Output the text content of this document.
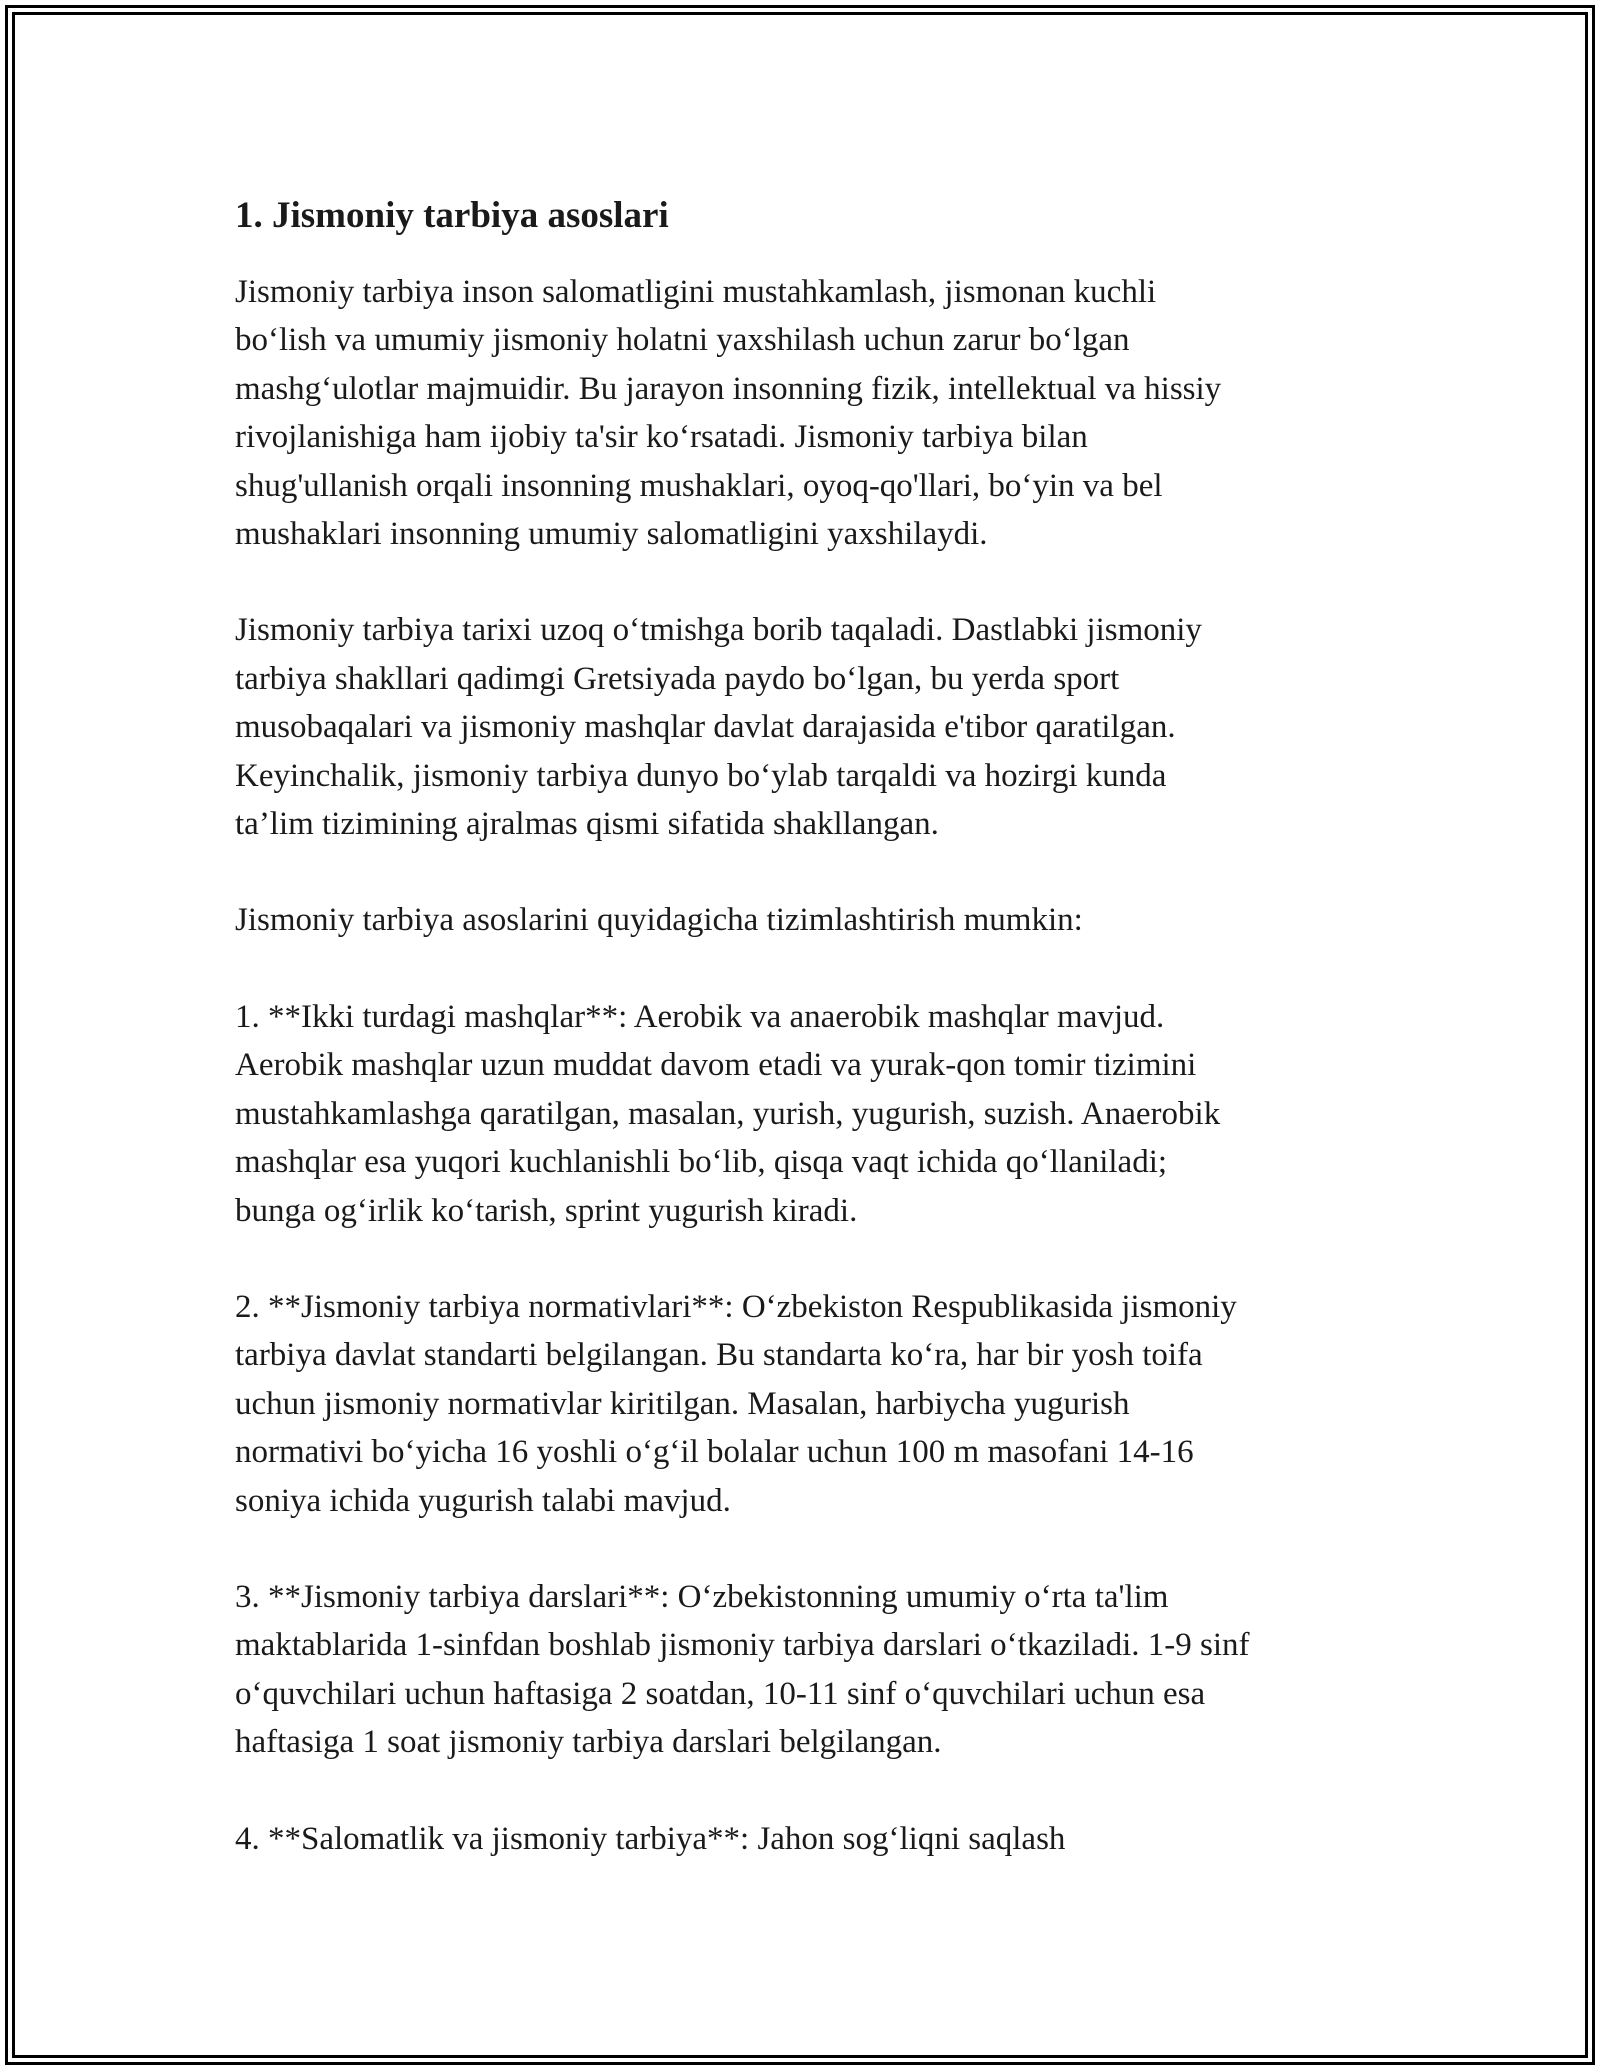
1. Jismoniy tarbiya asoslari

Jismoniy tarbiya inson salomatligini mustahkamlash, jismonan kuchli
bo‘lish va umumiy jismoniy holatni yaxshilash uchun zarur bo‘lgan
mashg‘ulotlar majmuidir. Bu jarayon insonning fizik, intellektual va hissiy
rivojlanishiga ham ijobiy ta'sir ko‘rsatadi. Jismoniy tarbiya bilan
shug'ullanish orqali insonning mushaklari, oyoq-qo'llari, bo‘yin va bel
mushaklari insonning umumiy salomatligini yaxshilaydi.

Jismoniy tarbiya tarixi uzoq o‘tmishga borib taqaladi. Dastlabki jismoniy
tarbiya shakllari qadimgi Gretsiyada paydo bo‘lgan, bu yerda sport
musobaqalari va jismoniy mashqlar davlat darajasida e'tibor qaratilgan.
Keyinchalik, jismoniy tarbiya dunyo bo‘ylab tarqaldi va hozirgi kunda
ta’lim tizimining ajralmas qismi sifatida shakllangan.

Jismoniy tarbiya asoslarini quyidagicha tizimlashtirish mumkin:

1. **Ikki turdagi mashqlar**: Aerobik va anaerobik mashqlar mavjud.
Aerobik mashqlar uzun muddat davom etadi va yurak-qon tomir tizimini
mustahkamlashga qaratilgan, masalan, yurish, yugurish, suzish. Anaerobik
mashqlar esa yuqori kuchlanishli bo‘lib, qisqa vaqt ichida qo‘llaniladi;
bunga og‘irlik ko‘tarish, sprint yugurish kiradi.

2. **Jismoniy tarbiya normativlari**: O‘zbekiston Respublikasida jismoniy
tarbiya davlat standarti belgilangan. Bu standarta ko‘ra, har bir yosh toifa
uchun jismoniy normativlar kiritilgan. Masalan, harbiycha yugurish
normativi bo‘yicha 16 yoshli o‘g‘il bolalar uchun 100 m masofani 14-16
soniya ichida yugurish talabi mavjud.

3. **Jismoniy tarbiya darslari**: O‘zbekistonning umumiy o‘rta ta'lim
maktablarida 1-sinfdan boshlab jismoniy tarbiya darslari o‘tkaziladi. 1-9 sinf
o‘quvchilari uchun haftasiga 2 soatdan, 10-11 sinf o‘quvchilari uchun esa
haftasiga 1 soat jismoniy tarbiya darslari belgilangan.

4. **Salomatlik va jismoniy tarbiya**: Jahon sog‘liqni saqlash
